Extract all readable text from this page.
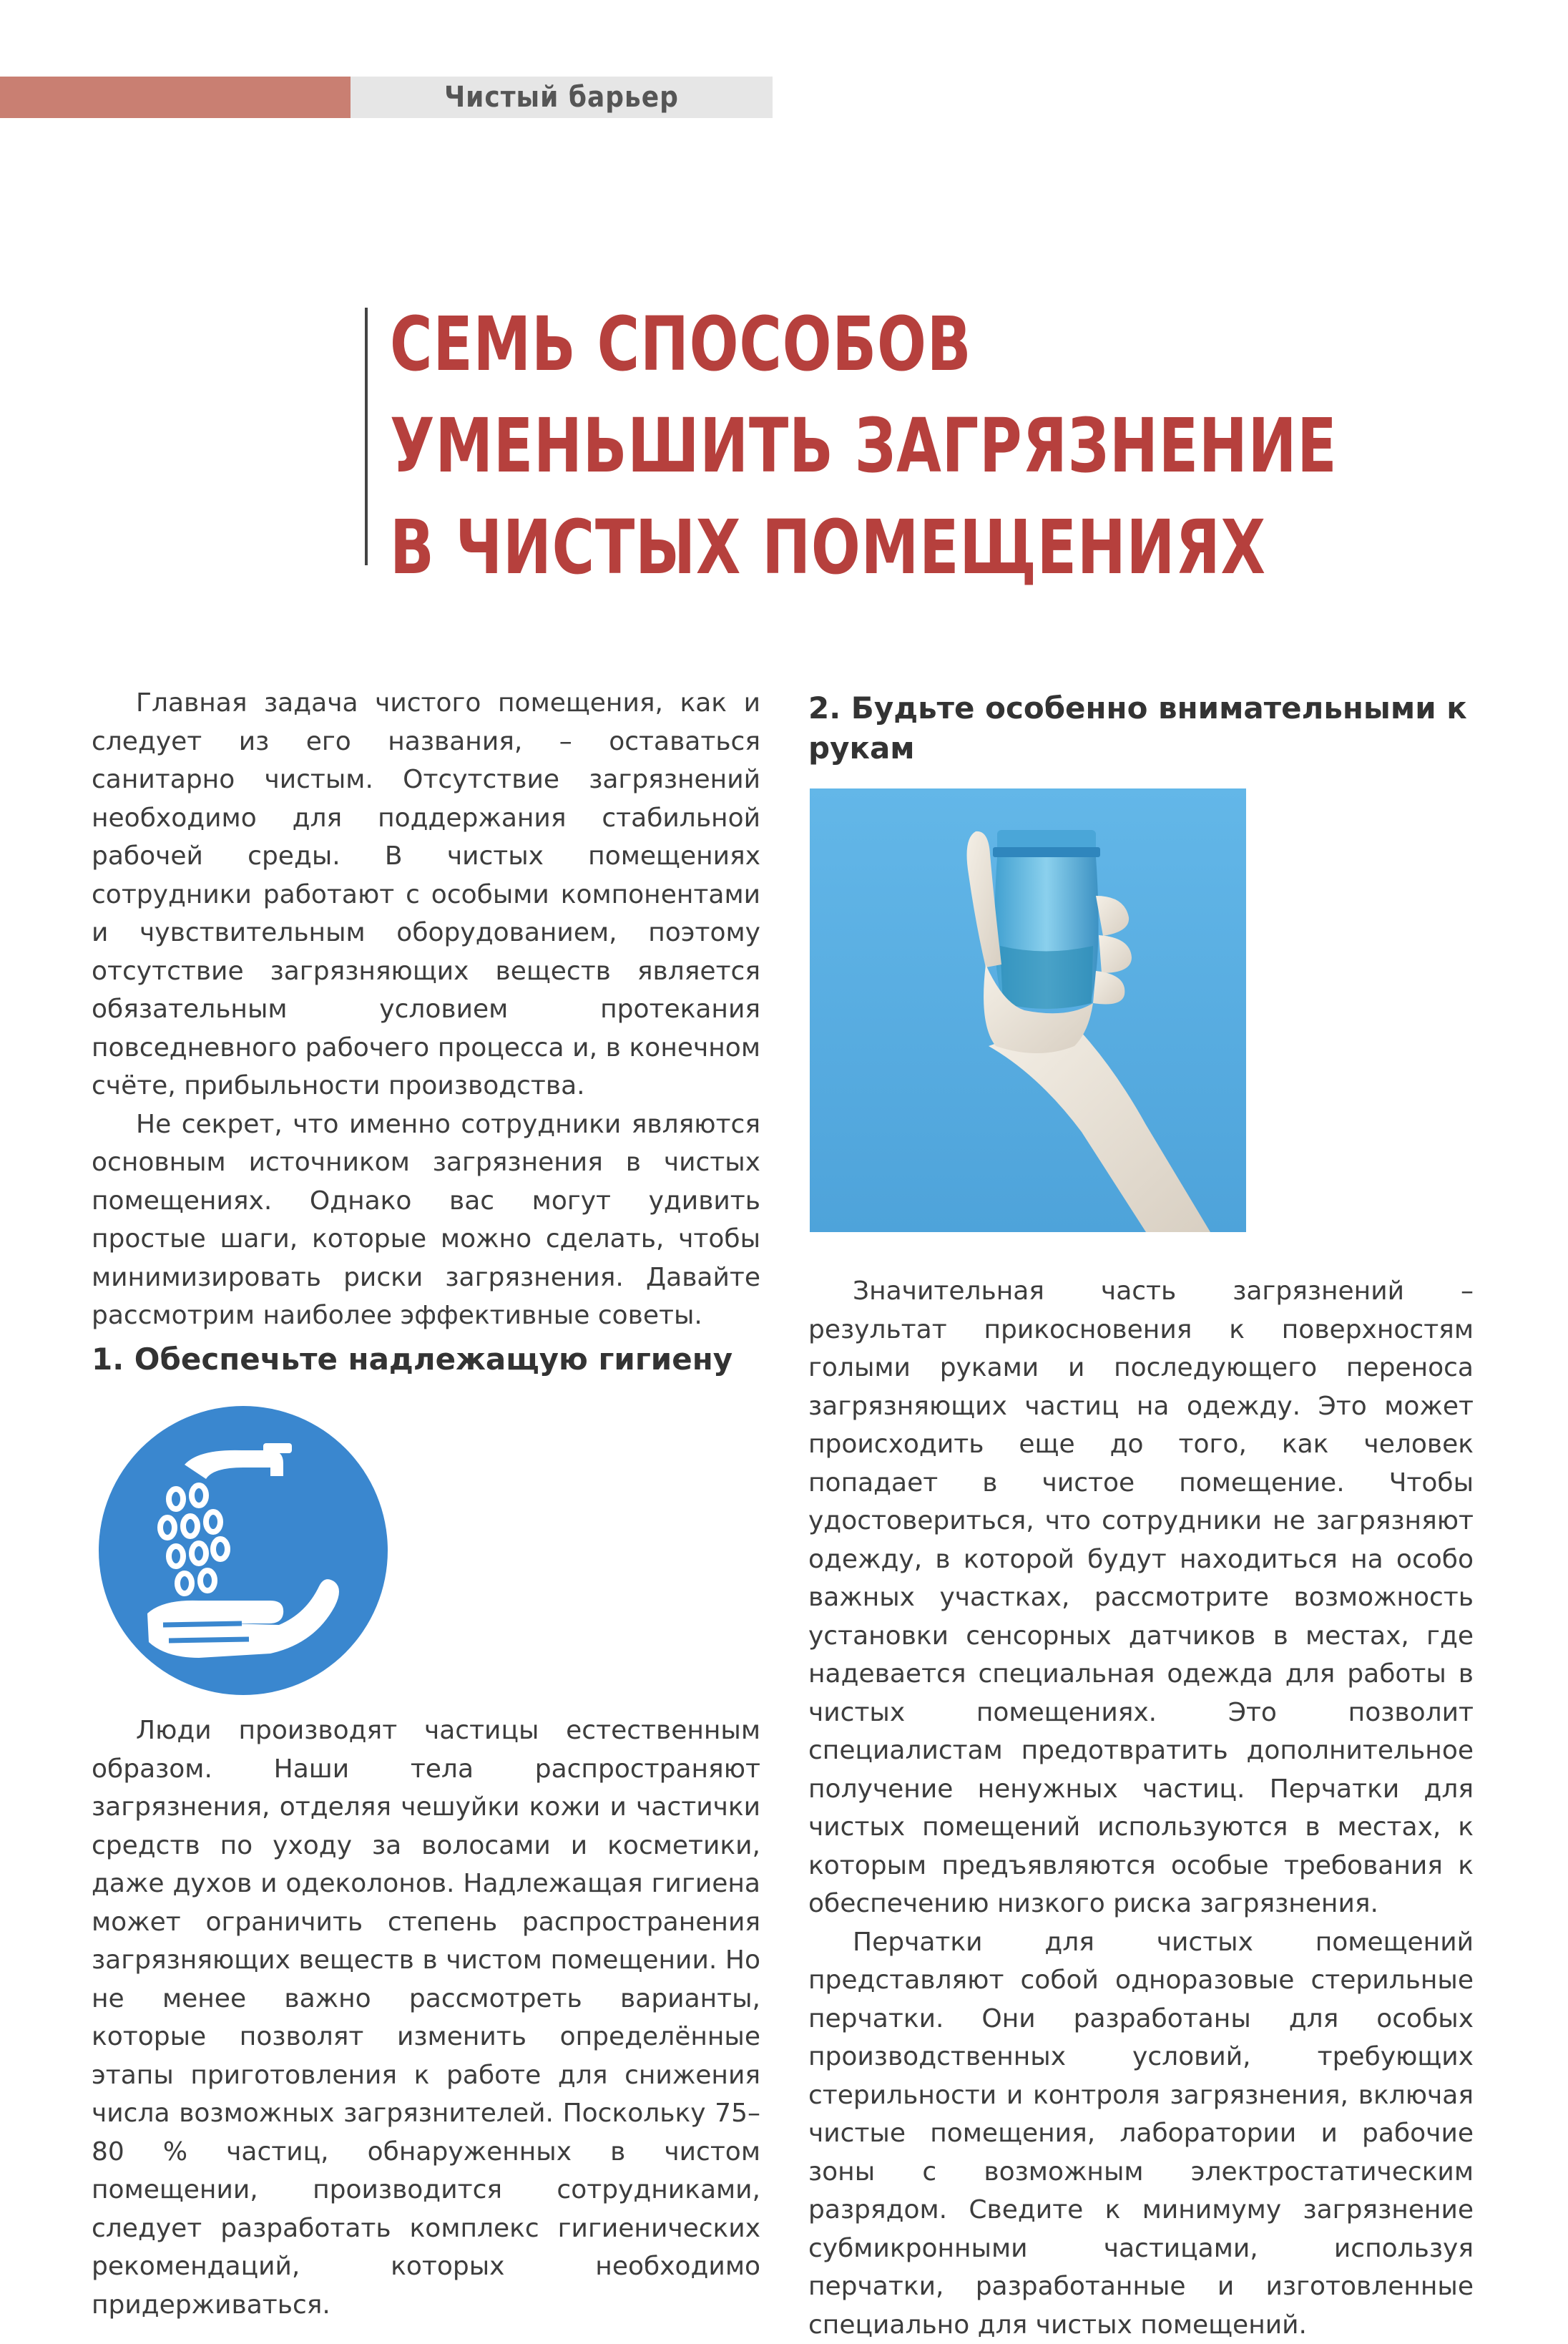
Чистый барьер
СЕМЬ СПОСОБОВ
УМЕНЬШИТЬ ЗАГРЯЗНЕНИЕ
В ЧИСТЫХ ПОМЕЩЕНИЯХ

Главная задача чистого помещения, как и следует из его названия, – оставаться санитарно чистым. Отсутствие загрязнений необходимо для поддержания стабильной рабочей среды. В чистых помещениях сотрудники работают с особыми компонентами и чувствительным оборудованием, поэтому отсутствие загрязняющих веществ является обязательным условием протекания повседневного рабочего процесса и, в конечном счёте, прибыльности производства.

Не секрет, что именно сотрудники являются основным источником загрязнения в чистых помещениях. Однако вас могут удивить простые шаги, которые можно сделать, чтобы минимизировать риски загрязнения. Давайте рассмотрим наиболее эффективные советы.

1. Обеспечьте надлежащую гигиену

Люди производят частицы естественным образом. Наши тела распространяют загрязнения, отделяя чешуйки кожи и частички средств по уходу за волосами и косметики, даже духов и одеколонов. Надлежащая гигиена может ограничить степень распространения загрязняющих веществ в чистом помещении. Но не менее важно рассмотреть варианты, которые позволят изменить определённые этапы приготовления к работе для снижения числа возможных загрязнителей. Поскольку 75–80 % частиц, обнаруженных в чистом помещении, производится сотрудниками, следует разработать комплекс гигиенических рекомендаций, которых необходимо придерживаться.

2. Будьте особенно внимательными к рукам

Значительная часть загрязнений – результат прикосновения к поверхностям голыми руками и последующего переноса загрязняющих частиц на одежду. Это может происходить еще до того, как человек попадает в чистое помещение. Чтобы удостовериться, что сотрудники не загрязняют одежду, в которой будут находиться на особо важных участках, рассмотрите возможность установки сенсорных датчиков в местах, где надевается специальная одежда для работы в чистых помещениях. Это позволит специалистам предотвратить дополнительное получение ненужных частиц. Перчатки для чистых помещений используются в местах, к которым предъявляются особые требования к обеспечению низкого риска загрязнения.

Перчатки для чистых помещений представляют собой одноразовые стерильные перчатки. Они разработаны для особых производственных условий, требующих стерильности и контроля загрязнения, включая чистые помещения, лаборатории и рабочие зоны с возможным электростатическим разрядом. Сведите к минимуму загрязнение субмикронными частицами, используя перчатки, разработанные и изготовленные специально для чистых помещений.
